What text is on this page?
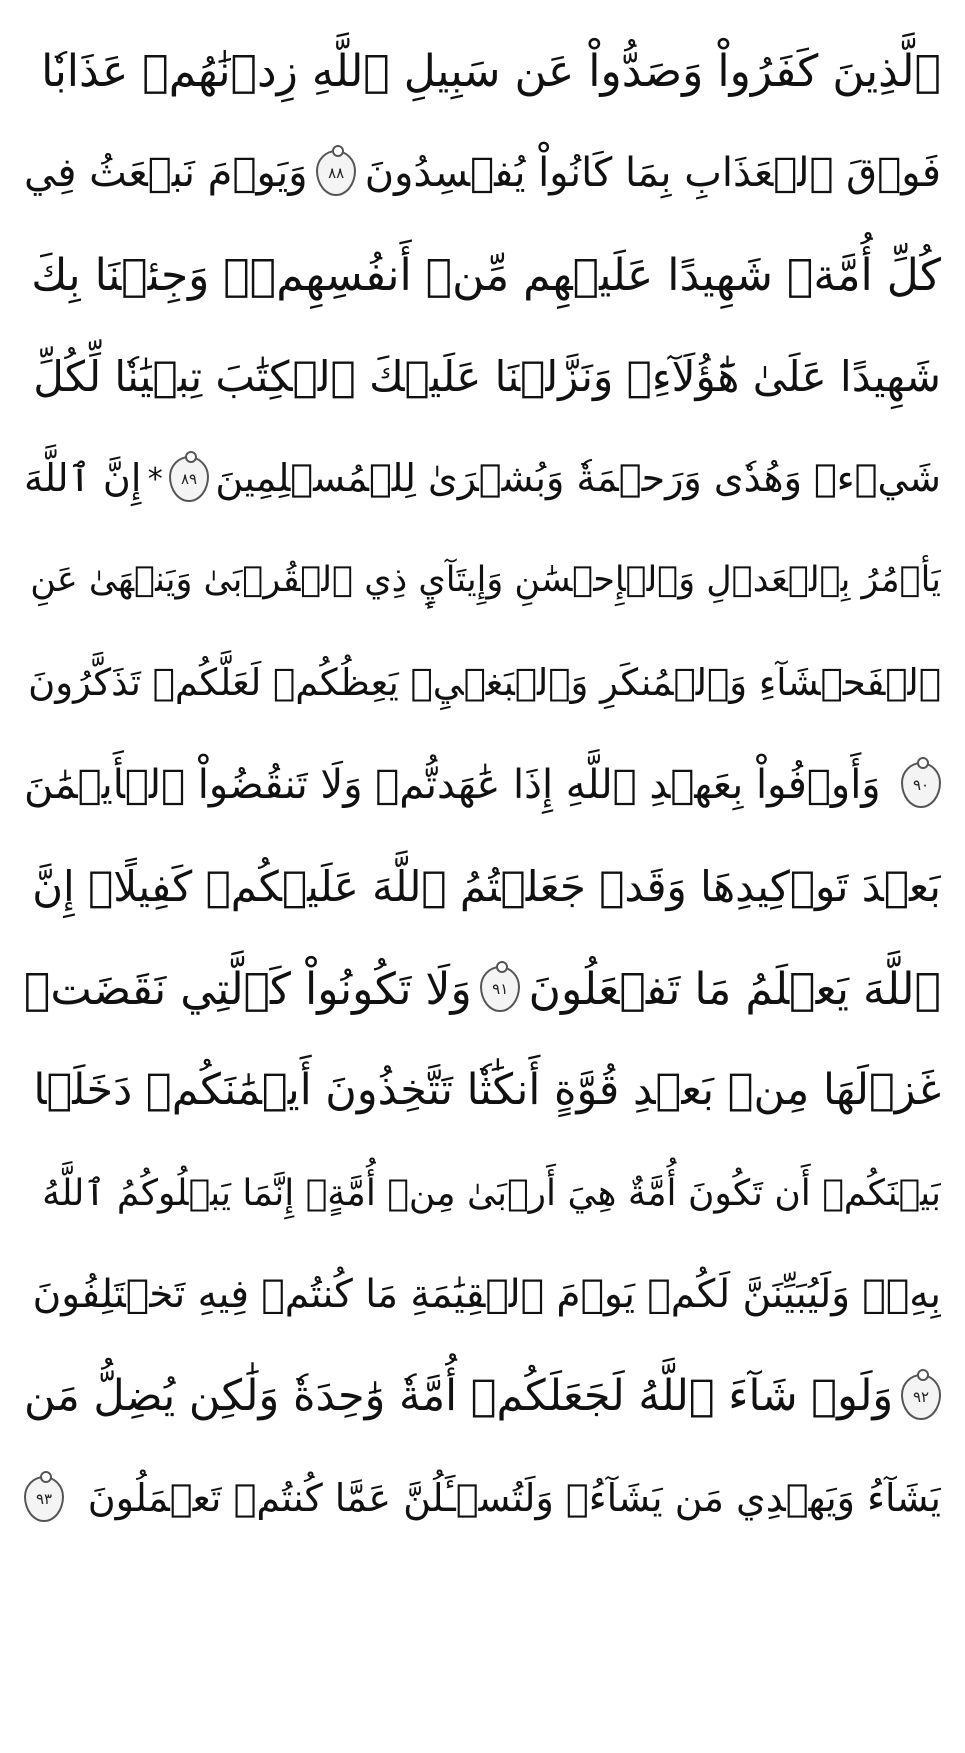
ٱلَّذِينَ كَفَرُواْ وَصَدُّواْ عَن سَبِيلِ ٱللَّهِ زِدۡنَٰهُمۡ عَذَابٗا
فَوۡقَ ٱلۡعَذَابِ بِمَا كَانُواْ يُفۡسِدُونَ
٨٨
وَيَوۡمَ نَبۡعَثُ فِي
كُلِّ أُمَّةٖ شَهِيدًا عَلَيۡهِم مِّنۡ أَنفُسِهِمۡۖ وَجِئۡنَا بِكَ
شَهِيدًا عَلَىٰ هَٰٓؤُلَآءِۚ وَنَزَّلۡنَا عَلَيۡكَ ٱلۡكِتَٰبَ تِبۡيَٰنٗا لِّكُلِّ
شَيۡءٖ وَهُدٗى وَرَحۡمَةٗ وَبُشۡرَىٰ لِلۡمُسۡلِمِينَ
٨٩
*
إِنَّ ٱللَّهَ
يَأۡمُرُ بِٱلۡعَدۡلِ وَٱلۡإِحۡسَٰنِ وَإِيتَآيِٕ ذِي ٱلۡقُرۡبَىٰ وَيَنۡهَىٰ عَنِ
ٱلۡفَحۡشَآءِ وَٱلۡمُنكَرِ وَٱلۡبَغۡيِۚ يَعِظُكُمۡ لَعَلَّكُمۡ تَذَكَّرُونَ
٩٠
وَأَوۡفُواْ بِعَهۡدِ ٱللَّهِ إِذَا عَٰهَدتُّمۡ وَلَا تَنقُضُواْ ٱلۡأَيۡمَٰنَ
بَعۡدَ تَوۡكِيدِهَا وَقَدۡ جَعَلۡتُمُ ٱللَّهَ عَلَيۡكُمۡ كَفِيلًاۚ إِنَّ
ٱللَّهَ يَعۡلَمُ مَا تَفۡعَلُونَ
٩١
وَلَا تَكُونُواْ كَٱلَّتِي نَقَضَتۡ
غَزۡلَهَا مِنۢ بَعۡدِ قُوَّةٍ أَنكَٰثٗا تَتَّخِذُونَ أَيۡمَٰنَكُمۡ دَخَلَۢا
بَيۡنَكُمۡ أَن تَكُونَ أُمَّةٌ هِيَ أَرۡبَىٰ مِنۡ أُمَّةٍۚ إِنَّمَا يَبۡلُوكُمُ ٱللَّهُ
بِهِۦۚ وَلَيُبَيِّنَنَّ لَكُمۡ يَوۡمَ ٱلۡقِيَٰمَةِ مَا كُنتُمۡ فِيهِ تَخۡتَلِفُونَ
٩٢
وَلَوۡ شَآءَ ٱللَّهُ لَجَعَلَكُمۡ أُمَّةٗ وَٰحِدَةٗ وَلَٰكِن يُضِلُّ مَن
يَشَآءُ وَيَهۡدِي مَن يَشَآءُۚ وَلَتُسۡـَٔلُنَّ عَمَّا كُنتُمۡ تَعۡمَلُونَ
٩٣
